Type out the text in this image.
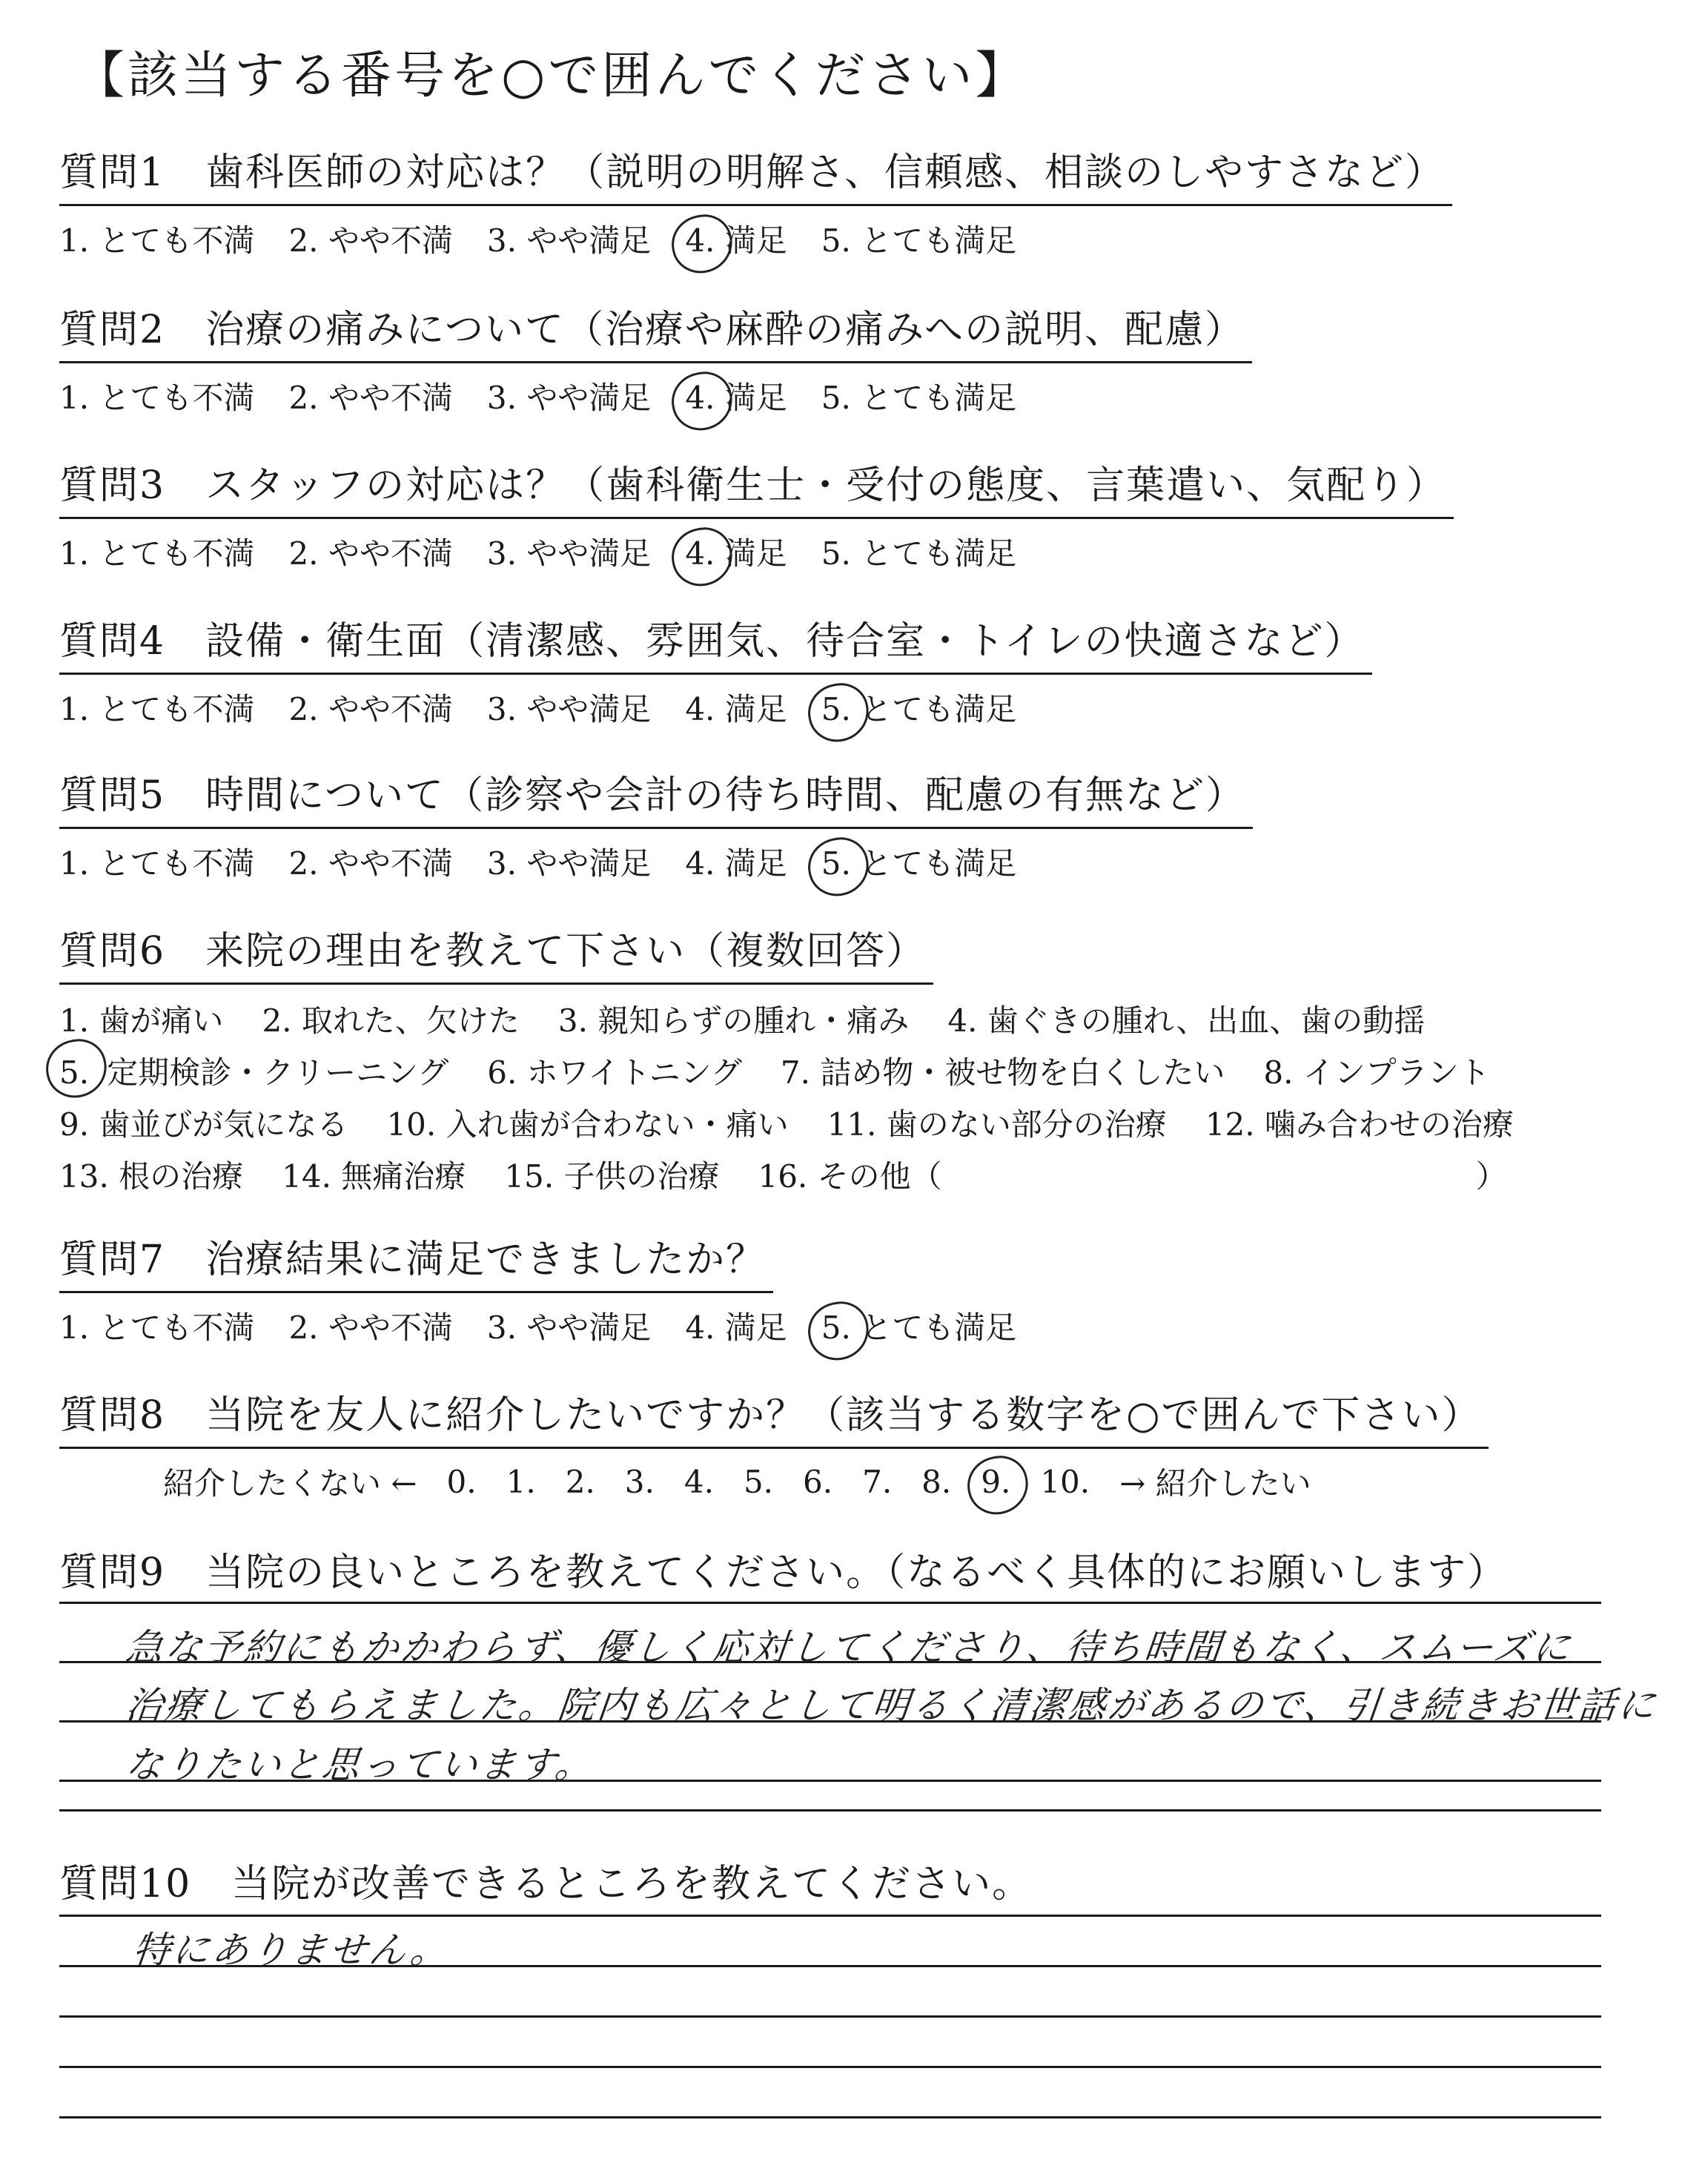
【該当する番号を○で囲んでください】
質問1　歯科医師の対応は？（説明の明解さ、信頼感、相談のしやすさなど）
1. とても不満 2. やや不満 3. やや満足 4. 満足 5. とても満足
質問2　治療の痛みについて（治療や麻酔の痛みへの説明、配慮）
1. とても不満 2. やや不満 3. やや満足 4. 満足 5. とても満足
質問3　スタッフの対応は？（歯科衛生士・受付の態度、言葉遣い、気配り）
1. とても不満 2. やや不満 3. やや満足 4. 満足 5. とても満足
質問4　設備・衛生面（清潔感、雰囲気、待合室・トイレの快適さなど）
1. とても不満 2. やや不満 3. やや満足 4. 満足 5. とても満足
質問5　時間について（診察や会計の待ち時間、配慮の有無など）
1. とても不満 2. やや不満 3. やや満足 4. 満足 5. とても満足
質問6　来院の理由を教えて下さい（複数回答）
1. 歯が痛い 2. 取れた、欠けた 3. 親知らずの腫れ・痛み 4. 歯ぐきの腫れ、出血、歯の動揺
5. 定期検診・クリーニング 6. ホワイトニング 7. 詰め物・被せ物を白くしたい 8. インプラント
9. 歯並びが気になる 10. 入れ歯が合わない・痛い 11. 歯のない部分の治療 12. 噛み合わせの治療
13. 根の治療 14. 無痛治療 15. 子供の治療 16. その他（	）
質問7　治療結果に満足できましたか？
1. とても不満 2. やや不満 3. やや満足 4. 満足 5. とても満足
質問8　当院を友人に紹介したいですか？（該当する数字を○で囲んで下さい）
紹介したくない ← 0. 1. 2. 3. 4. 5. 6. 7. 8. 9. 10. → 紹介したい
質問9　当院の良いところを教えてください。（なるべく具体的にお願いします）
急な予約にもかかわらず、優しく応対してくださり、待ち時間もなく、スムーズに
治療してもらえました。院内も広々として明るく清潔感があるので、引き続きお世話に
なりたいと思っています。
質問10　当院が改善できるところを教えてください。
特にありません。
